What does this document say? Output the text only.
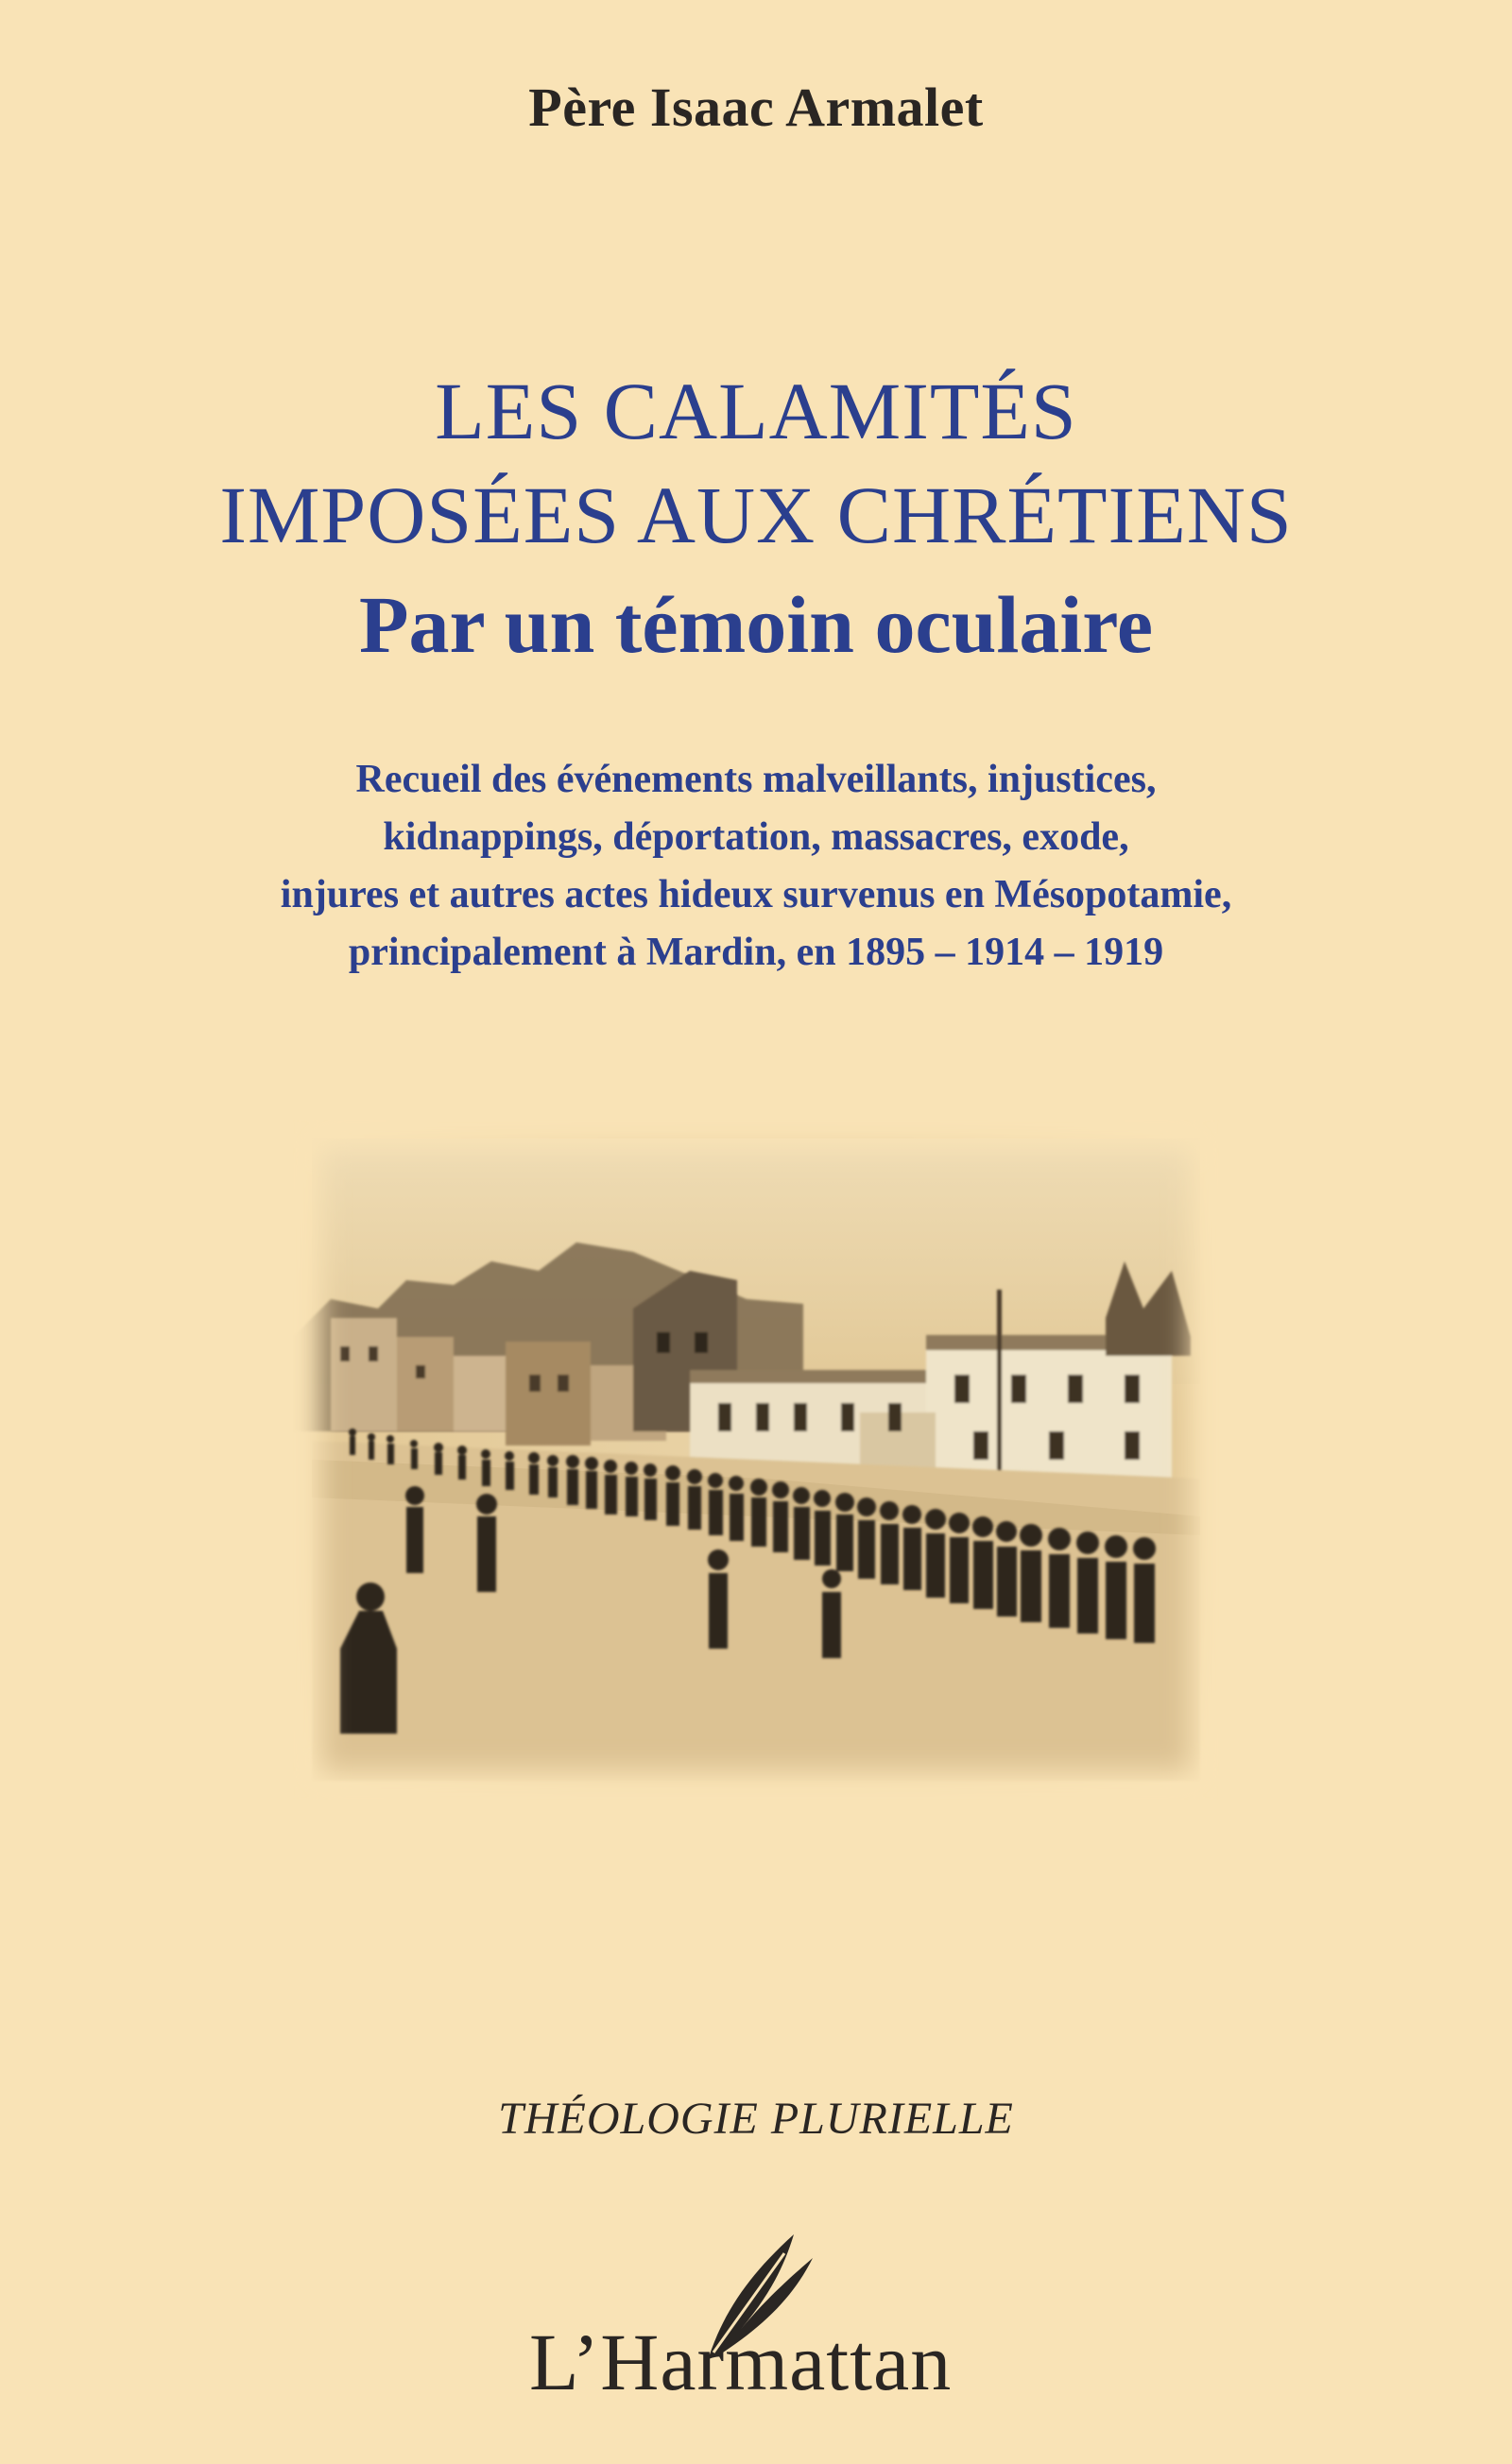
Père Isaac Armalet
LES CALAMITÉS
IMPOSÉES AUX CHRÉTIENS
Par un témoin oculaire
Recueil des événements malveillants, injustices,
kidnappings, déportation, massacres, exode,
injures et autres actes hideux survenus en Mésopotamie,
principalement à Mardin, en 1895 – 1914 – 1919
THÉOLOGIE PLURIELLE
L’Harmattan
